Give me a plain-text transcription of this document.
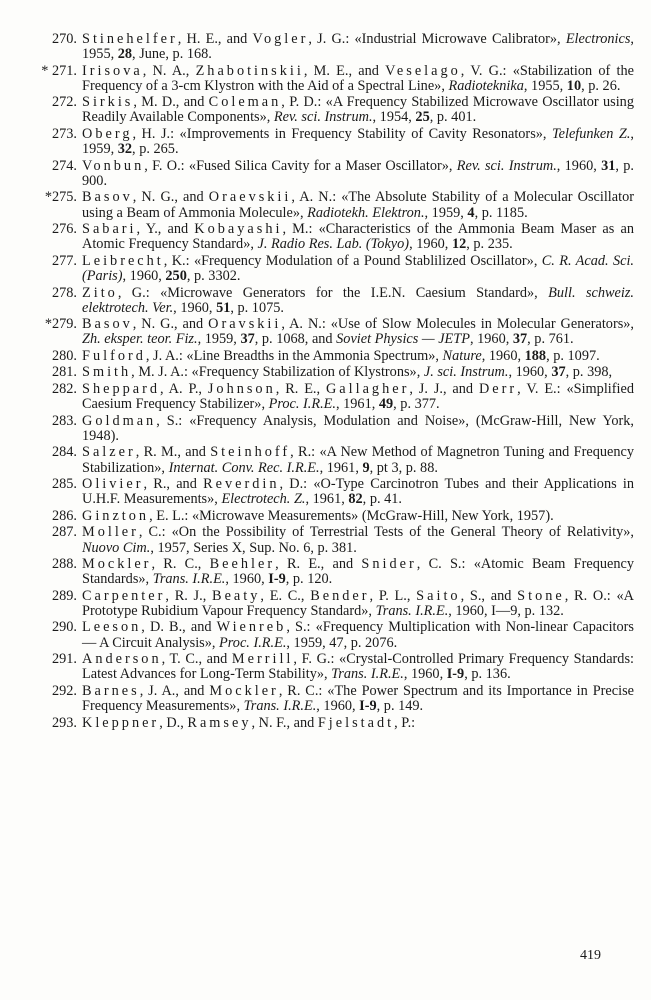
270. Stinehelfer, H. E., and Vogler, J. G.: «Industrial Microwave Calibrator», Electronics, 1955, 28, June, p. 168.
* 271. Irisova, N. A., Zhabotinskii, M. E., and Veselago, V. G.: «Stabilization of the Frequency of a 3-cm Klystron with the Aid of a Spectral Line», Radioteknika, 1955, 10, p. 26.
272. Sirkis, M. D., and Coleman, P. D.: «A Frequency Stabilized Microwave Oscillator using Readily Available Components», Rev. sci. Instrum., 1954, 25, p. 401.
273. Oberg, H. J.: «Improvements in Frequency Stability of Cavity Resonators», Telefunken Z., 1959, 32, p. 265.
274. Vonbun, F. O.: «Fused Silica Cavity for a Maser Oscillator», Rev. sci. Instrum., 1960, 31, p. 900.
*275. Basov, N. G., and Oraevskii, A. N.: «The Absolute Stability of a Molecular Oscillator using a Beam of Ammonia Molecule», Radiotekh. Elektron., 1959, 4, p. 1185.
276. Sabari, Y., and Kobayashi, M.: «Characteristics of the Ammonia Beam Maser as an Atomic Frequency Standard», J. Radio Res. Lab. (Tokyo), 1960, 12, p. 235.
277. Leibrecht, K.: «Frequency Modulation of a Pound Stablilized Oscillator», C. R. Acad. Sci. (Paris), 1960, 250, p. 3302.
278. Zito, G.: «Microwave Generators for the I.E.N. Caesium Standard», Bull. schweiz. elektrotech. Ver., 1960, 51, p. 1075.
*279. Basov, N. G., and Oravskii, A. N.: «Use of Slow Molecules in Molecular Generators», Zh. eksper. teor. Fiz., 1959, 37, p. 1068, and Soviet Physics — JETP, 1960, 37, p. 761.
280. Fulford, J. A.: «Line Breadths in the Ammonia Spectrum», Nature, 1960, 188, p. 1097.
281. Smith, M. J. A.: «Frequency Stabilization of Klystrons», J. sci. Instrum., 1960, 37, p. 398,
282. Sheppard, A. P., Johnson, R. E., Gallagher, J. J., and Derr, V. E.: «Simplified Caesium Frequency Stabilizer», Proc. I.R.E., 1961, 49, p. 377.
283. Goldman, S.: «Frequency Analysis, Modulation and Noise», (McGraw-Hill, New York, 1948).
284. Salzer, R. M., and Steinhoff, R.: «A New Method of Magnetron Tuning and Frequency Stabilization», Internat. Conv. Rec. I.R.E., 1961, 9, pt 3, p. 88.
285. Olivier, R., and Reverdin, D.: «O-Type Carcinotron Tubes and their Applications in U.H.F. Measurements», Electrotech. Z., 1961, 82, p. 41.
286. Ginzton, E. L.: «Microwave Measurements» (McGraw-Hill, New York, 1957).
287. Moller, C.: «On the Possibility of Terrestrial Tests of the General Theory of Relativity», Nuovo Cim., 1957, Series X, Sup. No. 6, p. 381.
288. Mockler, R. C., Beehler, R. E., and Snider, C. S.: «Atomic Beam Frequency Standards», Trans. I.R.E., 1960, I-9, p. 120.
289. Carpenter, R. J., Beaty, E. C., Bender, P. L., Saito, S., and Stone, R. O.: «A Prototype Rubidium Vapour Frequency Standard», Trans. I.R.E., 1960, I—9, p. 132.
290. Leeson, D. B., and Wienreb, S.: «Frequency Multiplication with Non-linear Capacitors — A Circuit Analysis», Proc. I.R.E., 1959, 47, p. 2076.
291. Anderson, T. C., and Merrill, F. G.: «Crystal-Controlled Primary Frequency Standards: Latest Advances for Long-Term Stability», Trans. I.R.E., 1960, I-9, p. 136.
292. Barnes, J. A., and Mockler, R. C.: «The Power Spectrum and its Importance in Precise Frequency Measurements», Trans. I.R.E., 1960, I-9, p. 149.
293. Kleppner, D., Ramsey, N. F., and Fjelstadt, P.:
419
